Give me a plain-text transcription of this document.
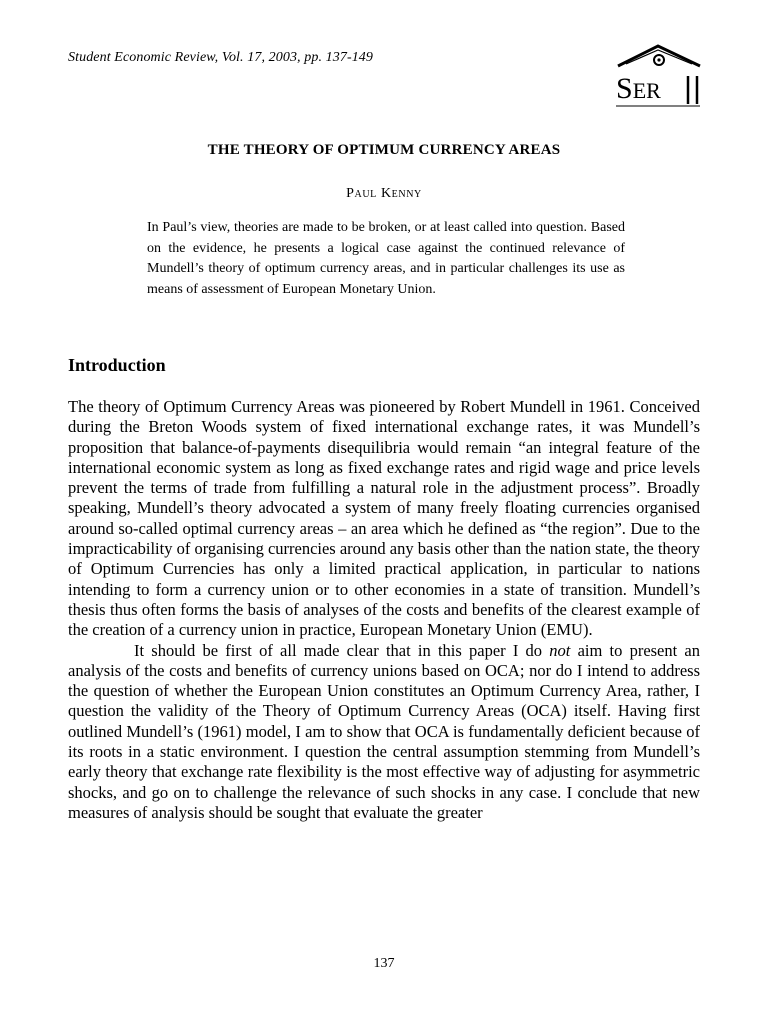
Student Economic Review, Vol. 17, 2003, pp. 137-149
SER
THE THEORY OF OPTIMUM CURRENCY AREAS
Paul Kenny
In Paul’s view, theories are made to be broken, or at least called into question. Based on the evidence, he presents a logical case against the continued relevance of Mundell’s theory of optimum currency areas, and in particular challenges its use as means of assessment of European Monetary Union.
Introduction

The theory of Optimum Currency Areas was pioneered by Robert Mundell in 1961. Conceived during the Breton Woods system of fixed international exchange rates, it was Mundell’s proposition that balance-of-payments disequilibria would remain “an integral feature of the international economic system as long as fixed exchange rates and rigid wage and price levels prevent the terms of trade from fulfilling a natural role in the adjustment process”. Broadly speaking, Mundell’s theory advocated a system of many freely floating currencies organised around so-called optimal currency areas – an area which he defined as “the region”. Due to the impracticability of organising currencies around any basis other than the nation state, the theory of Optimum Currencies has only a limited practical application, in particular to nations intending to form a currency union or to other economies in a state of transition. Mundell’s thesis thus often forms the basis of analyses of the costs and benefits of the clearest example of the creation of a currency union in practice, European Monetary Union (EMU).

It should be first of all made clear that in this paper I do not aim to present an analysis of the costs and benefits of currency unions based on OCA; nor do I intend to address the question of whether the European Union constitutes an Optimum Currency Area, rather, I question the validity of the Theory of Optimum Currency Areas (OCA) itself. Having first outlined Mundell’s (1961) model, I am to show that OCA is fundamentally deficient because of its roots in a static environment. I question the central assumption stemming from Mundell’s early theory that exchange rate flexibility is the most effective way of adjusting for asymmetric shocks, and go on to challenge the relevance of such shocks in any case. I conclude that new measures of analysis should be sought that evaluate the greater

137
